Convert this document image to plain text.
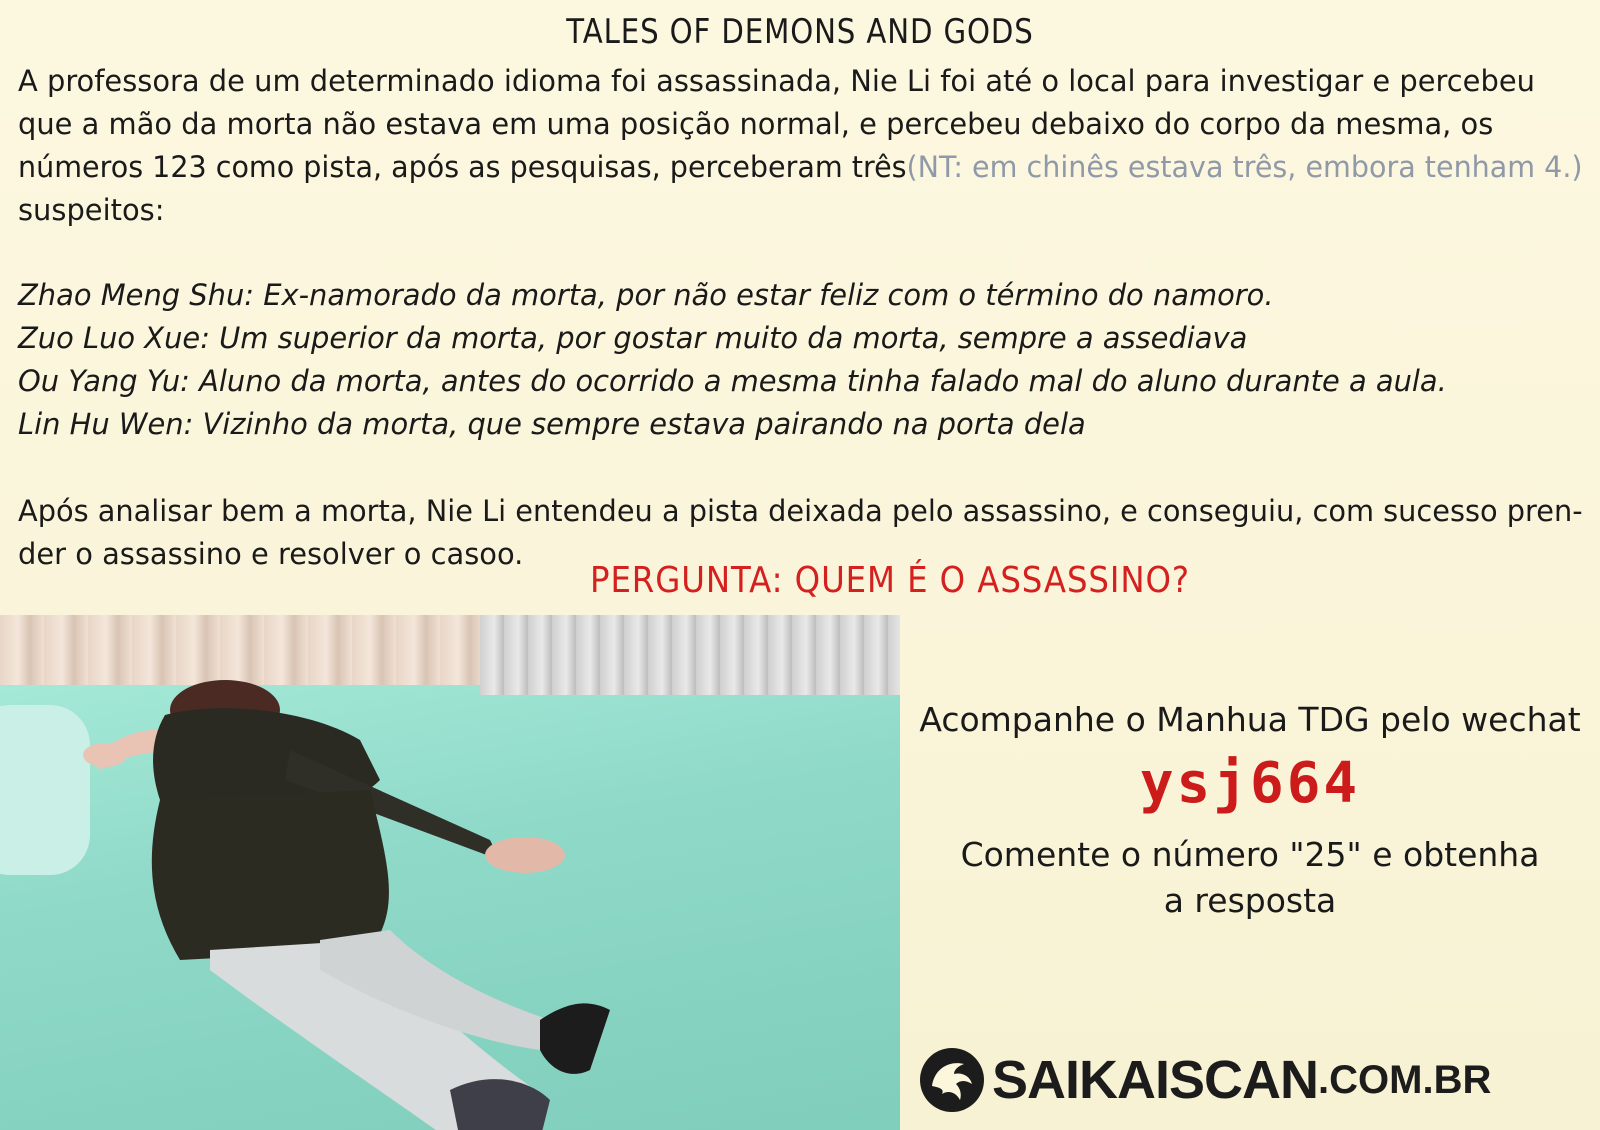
TALES OF DEMONS AND GODS
A professora de um determinado idioma foi assassinada, Nie Li foi até o local para investigar e percebeu
que a mão da morta não estava em uma posição normal, e percebeu debaixo do corpo da mesma, os
números 123 como pista, após as pesquisas, perceberam três(NT: em chinês estava três, embora tenham 4.)
suspeitos:
Zhao Meng Shu: Ex-namorado da morta, por não estar feliz com o término do namoro.
Zuo Luo Xue: Um superior da morta, por gostar muito da morta, sempre a assediava
Ou Yang Yu: Aluno da morta, antes do ocorrido a mesma tinha falado mal do aluno durante a aula.
Lin Hu Wen: Vizinho da morta, que sempre estava pairando na porta dela
Após analisar bem a morta, Nie Li entendeu a pista deixada pelo assassino, e conseguiu, com sucesso pren-
der o assassino e resolver o casoo.
PERGUNTA: QUEM É O ASSASSINO?
Acompanhe o Manhua TDG pelo wechat
ysj664
Comente o número "25" e obtenha
a resposta
SAIKAISCAN .COM.BR
